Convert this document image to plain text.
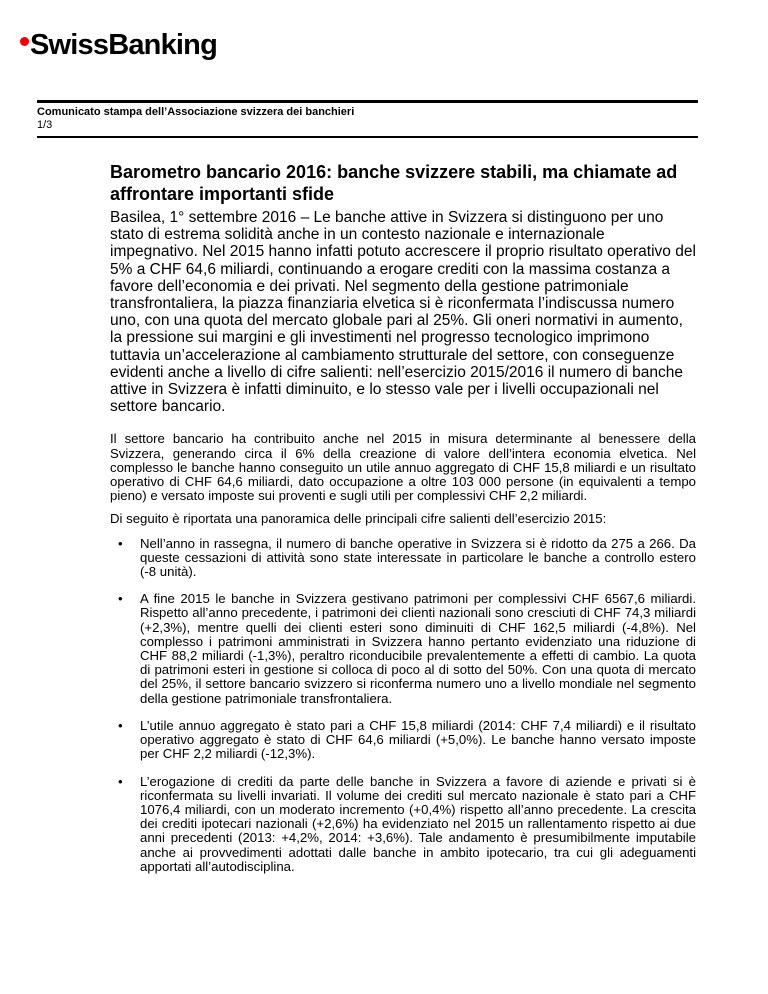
SwissBanking
Comunicato stampa dell’Associazione svizzera dei banchieri
1/3
Barometro bancario 2016: banche svizzere stabili, ma chiamate ad affrontare importanti sfide

Basilea, 1° settembre 2016 – Le banche attive in Svizzera si distinguono per uno stato di estrema solidità anche in un contesto nazionale e internazionale impegnativo. Nel 2015 hanno infatti potuto accrescere il proprio risultato operativo del 5% a CHF 64,6 miliardi, continuando a erogare crediti con la massima costanza a favore dell’economia e dei privati. Nel segmento della gestione patrimoniale transfrontaliera, la piazza finanziaria elvetica si è riconfermata l’indiscussa numero uno, con una quota del mercato globale pari al 25%. Gli oneri normativi in aumento, la pressione sui margini e gli investimenti nel progresso tecnologico imprimono tuttavia un’accelerazione al cambiamento strutturale del settore, con conseguenze evidenti anche a livello di cifre salienti: nell’esercizio 2015/2016 il numero di banche attive in Svizzera è infatti diminuito, e lo stesso vale per i livelli occupazionali nel settore bancario.

Il settore bancario ha contribuito anche nel 2015 in misura determinante al benessere della Svizzera, generando circa il 6% della creazione di valore dell’intera economia elvetica. Nel complesso le banche hanno conseguito un utile annuo aggregato di CHF 15,8 miliardi e un risultato operativo di CHF 64,6 miliardi, dato occupazione a oltre 103 000 persone (in equivalenti a tempo pieno) e versato imposte sui proventi e sugli utili per complessivi CHF 2,2 miliardi.

Di seguito è riportata una panoramica delle principali cifre salienti dell’esercizio 2015:

• Nell’anno in rassegna, il numero di banche operative in Svizzera si è ridotto da 275 a 266. Da queste cessazioni di attività sono state interessate in particolare le banche a controllo estero (-8 unità).
• A fine 2015 le banche in Svizzera gestivano patrimoni per complessivi CHF 6567,6 miliardi. Rispetto all’anno precedente, i patrimoni dei clienti nazionali sono cresciuti di CHF 74,3 miliardi (+2,3%), mentre quelli dei clienti esteri sono diminuiti di CHF 162,5 miliardi (-4,8%). Nel complesso i patrimoni amministrati in Svizzera hanno pertanto evidenziato una riduzione di CHF 88,2 miliardi (-1,3%), peraltro riconducibile prevalentemente a effetti di cambio. La quota di patrimoni esteri in gestione si colloca di poco al di sotto del 50%. Con una quota di mercato del 25%, il settore bancario svizzero si riconferma numero uno a livello mondiale nel segmento della gestione patrimoniale transfrontaliera.
• L’utile annuo aggregato è stato pari a CHF 15,8 miliardi (2014: CHF 7,4 miliardi) e il risultato operativo aggregato è stato di CHF 64,6 miliardi (+5,0%). Le banche hanno versato imposte per CHF 2,2 miliardi (-12,3%).
• L’erogazione di crediti da parte delle banche in Svizzera a favore di aziende e privati si è riconfermata su livelli invariati. Il volume dei crediti sul mercato nazionale è stato pari a CHF 1076,4 miliardi, con un moderato incremento (+0,4%) rispetto all’anno precedente. La crescita dei crediti ipotecari nazionali (+2,6%) ha evidenziato nel 2015 un rallentamento rispetto ai due anni precedenti (2013: +4,2%, 2014: +3,6%). Tale andamento è presumibilmente imputabile anche ai provvedimenti adottati dalle banche in ambito ipotecario, tra cui gli adeguamenti apportati all’autodisciplina.
